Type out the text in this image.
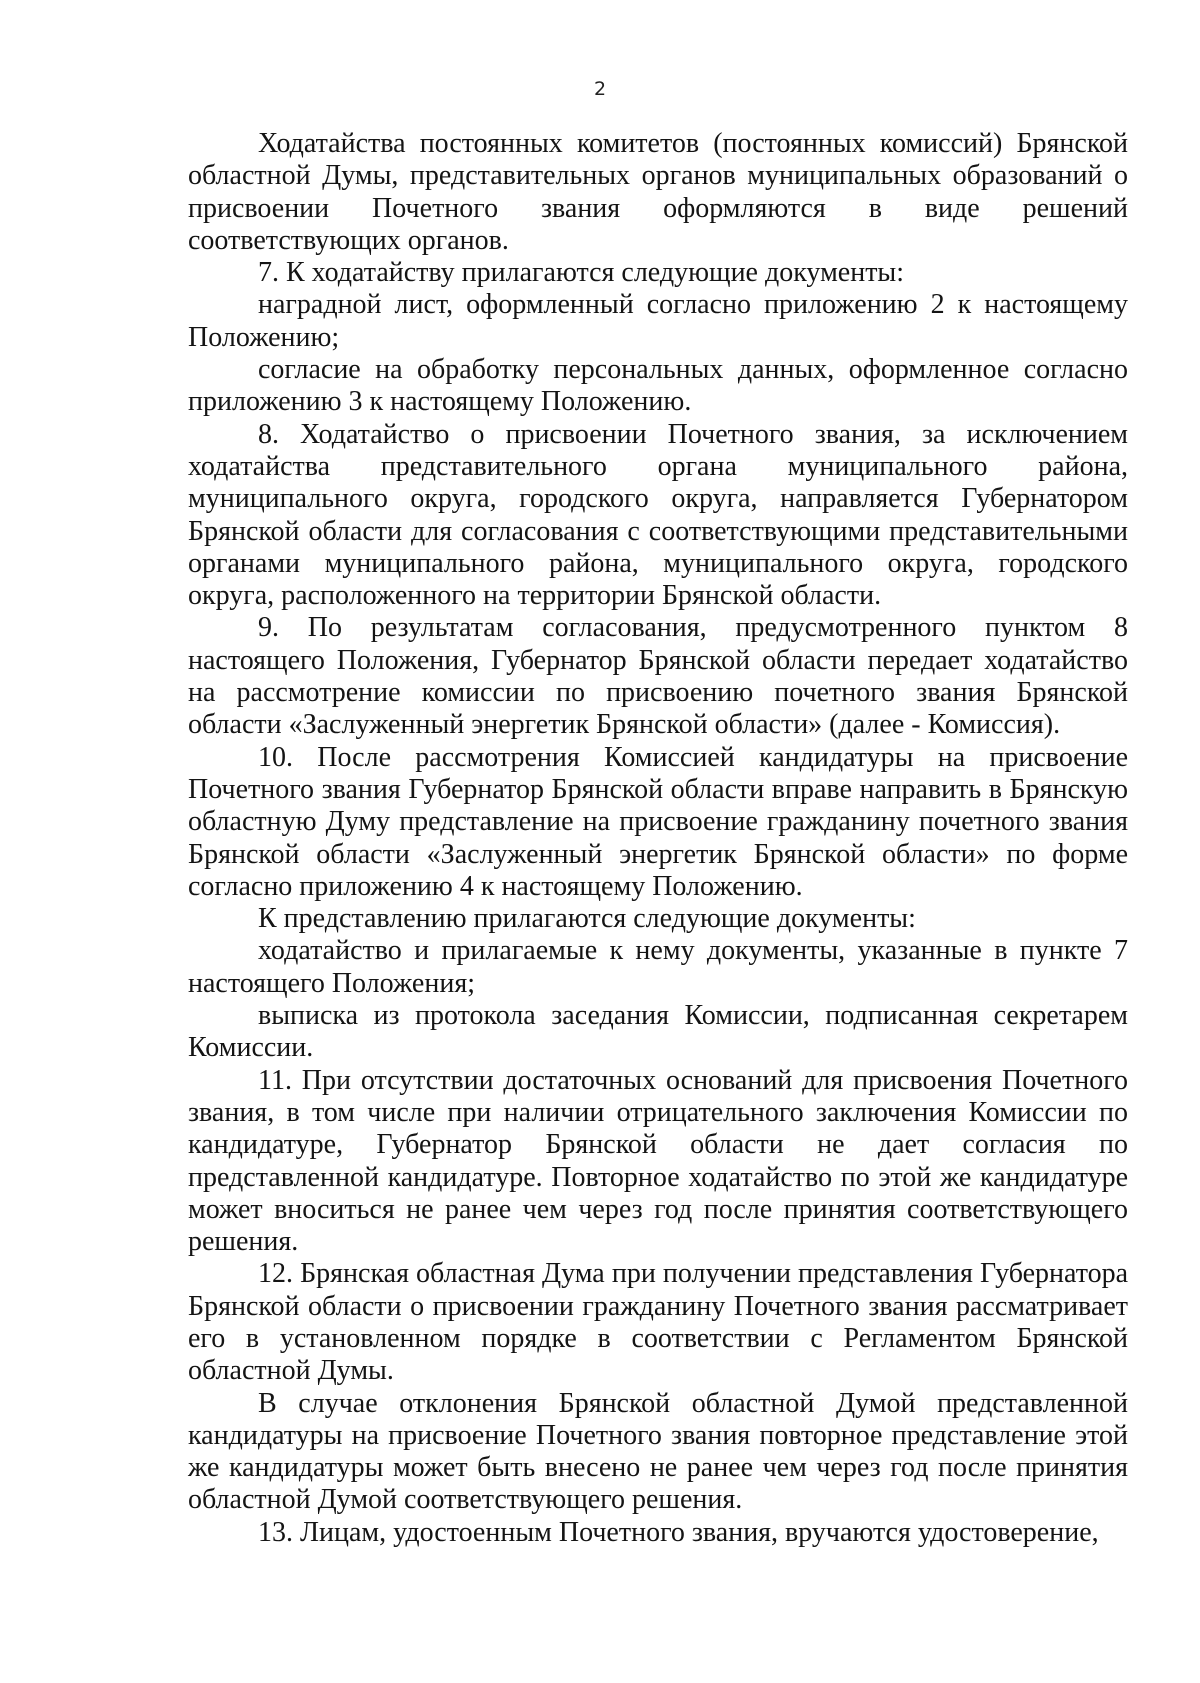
2

Ходатайства постоянных комитетов (постоянных комиссий) Брянской областной Думы, представительных органов муниципальных образований о присвоении Почетного звания оформляются в виде решений соответствующих органов.

7. К ходатайству прилагаются следующие документы:

наградной лист, оформленный согласно приложению 2 к настоящему Положению;

согласие на обработку персональных данных, оформленное согласно приложению 3 к настоящему Положению.

8. Ходатайство о присвоении Почетного звания, за исключением ходатайства представительного органа муниципального района, муниципального округа, городского округа, направляется Губернатором Брянской области для согласования с соответствующими представительными органами муниципального района, муниципального округа, городского округа, расположенного на территории Брянской области.

9. По результатам согласования, предусмотренного пунктом 8 настоящего Положения, Губернатор Брянской области передает ходатайство на рассмотрение комиссии по присвоению почетного звания Брянской области «Заслуженный энергетик Брянской области» (далее - Комиссия).

10. После рассмотрения Комиссией кандидатуры на присвоение Почетного звания Губернатор Брянской области вправе направить в Брянскую областную Думу представление на присвоение гражданину почетного звания Брянской области «Заслуженный энергетик Брянской области» по форме согласно приложению 4 к настоящему Положению.

К представлению прилагаются следующие документы:

ходатайство и прилагаемые к нему документы, указанные в пункте 7 настоящего Положения;

выписка из протокола заседания Комиссии, подписанная секретарем Комиссии.

11. При отсутствии достаточных оснований для присвоения Почетного звания, в том числе при наличии отрицательного заключения Комиссии по кандидатуре, Губернатор Брянской области не дает согласия по представленной кандидатуре. Повторное ходатайство по этой же кандидатуре может вноситься не ранее чем через год после принятия соответствующего решения.

12. Брянская областная Дума при получении представления Губернатора Брянской области о присвоении гражданину Почетного звания рассматривает его в установленном порядке в соответствии с Регламентом Брянской областной Думы.

В случае отклонения Брянской областной Думой представленной кандидатуры на присвоение Почетного звания повторное представление этой же кандидатуры может быть внесено не ранее чем через год после принятия областной Думой соответствующего решения.

13. Лицам, удостоенным Почетного звания, вручаются удостоверение,
